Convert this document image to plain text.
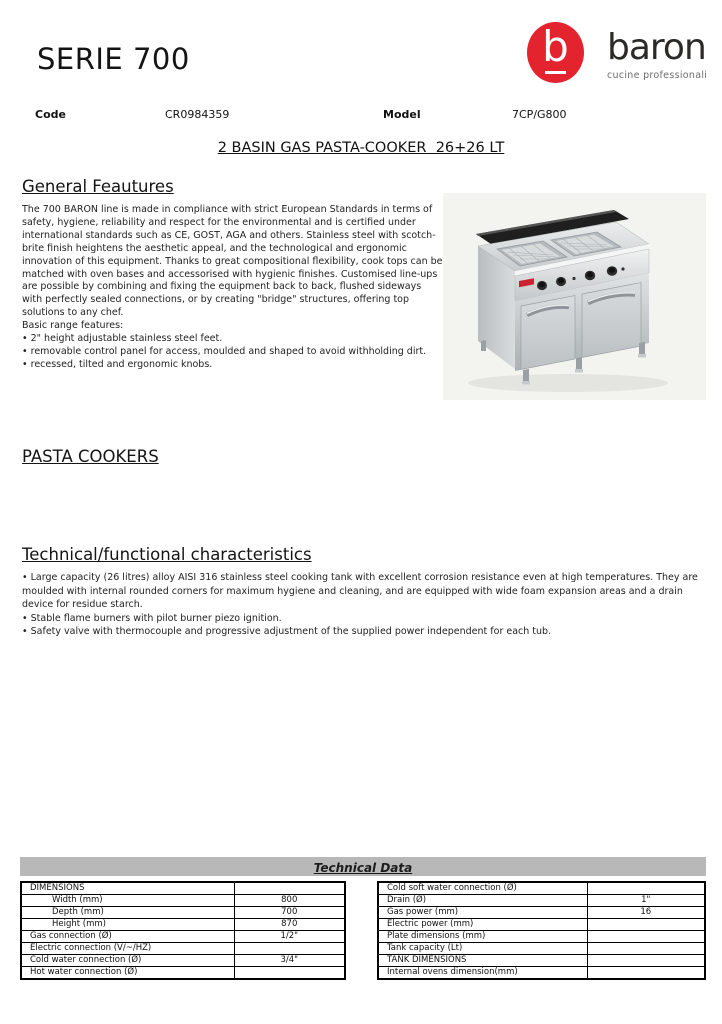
SERIE 700	b	baron
cucine professionali
Code	CR0984359	Model	7CP/G800
2 BASIN GAS PASTA-COOKER  26+26 LT
General Feautures
The 700 BARON line is made in compliance with strict European Standards in terms of safety, hygiene, reliability and respect for the environmental and is certified under international standards such as CE, GOST, AGA and others. Stainless steel with scotch-brite finish heightens the aesthetic appeal, and the technological and ergonomic innovation of this equipment. Thanks to great compositional flexibility, cook tops can be matched with oven bases and accessorised with hygienic finishes. Customised line-ups are possible by combining and fixing the equipment back to back, flushed sideways with perfectly sealed connections, or by creating "bridge" structures, offering top solutions to any chef.
Basic range features:
• 2" height adjustable stainless steel feet.
• removable control panel for access, moulded and shaped to avoid withholding dirt.
• recessed, tilted and ergonomic knobs.
PASTA COOKERS
Technical/functional characteristics
• Large capacity (26 litres) alloy AISI 316 stainless steel cooking tank with excellent corrosion resistance even at high temperatures. They are moulded with internal rounded corners for maximum hygiene and cleaning, and are equipped with wide foam expansion areas and a drain device for residue starch.
• Stable flame burners with pilot burner piezo ignition.
• Safety valve with thermocouple and progressive adjustment of the supplied power independent for each tub.
Technical Data
DIMENSIONS	
Width (mm)	800
Depth (mm)	700
Height (mm)	870
Gas connection (Ø)	1/2"
Electric connection (V/~/HZ)	
Cold water connection (Ø)	3/4"
Hot water connection (Ø)	
Cold soft water connection (Ø)	
Drain (Ø)	1"
Gas power (mm)	16
Electric power (mm)	
Plate dimensions (mm)	
Tank capacity (Lt)	
TANK DIMENSIONS	
Internal ovens dimension(mm)	
